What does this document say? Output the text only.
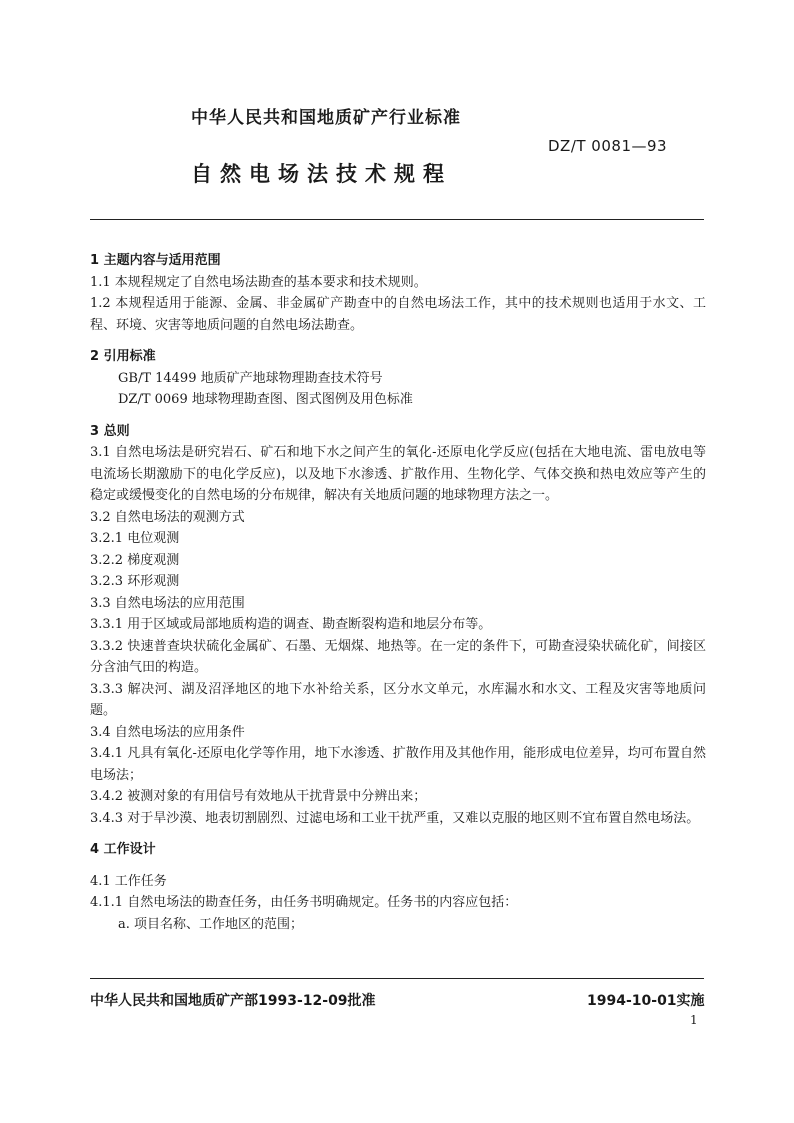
中华人民共和国地质矿产行业标准
DZ/T 0081—93
自然电场法技术规程
1 主题内容与适用范围
1.1 本规程规定了自然电场法勘查的基本要求和技术规则。
1.2 本规程适用于能源、金属、非金属矿产勘查中的自然电场法工作，其中的技术规则也适用于水文、工程、环境、灾害等地质问题的自然电场法勘查。
2 引用标准
GB/T 14499 地质矿产地球物理勘查技术符号
DZ/T 0069 地球物理勘查图、图式图例及用色标准
3 总则
3.1 自然电场法是研究岩石、矿石和地下水之间产生的氧化-还原电化学反应(包括在大地电流、雷电放电等电流场长期激励下的电化学反应)，以及地下水渗透、扩散作用、生物化学、气体交换和热电效应等产生的稳定或缓慢变化的自然电场的分布规律，解决有关地质问题的地球物理方法之一。
3.2 自然电场法的观测方式
3.2.1 电位观测
3.2.2 梯度观测
3.2.3 环形观测
3.3 自然电场法的应用范围
3.3.1 用于区域或局部地质构造的调查、勘查断裂构造和地层分布等。
3.3.2 快速普查块状硫化金属矿、石墨、无烟煤、地热等。在一定的条件下，可勘查浸染状硫化矿，间接区分含油气田的构造。
3.3.3 解决河、湖及沼泽地区的地下水补给关系，区分水文单元，水库漏水和水文、工程及灾害等地质问题。
3.4 自然电场法的应用条件
3.4.1 凡具有氧化-还原电化学等作用，地下水渗透、扩散作用及其他作用，能形成电位差异，均可布置自然电场法；
3.4.2 被测对象的有用信号有效地从干扰背景中分辨出来；
3.4.3 对于旱沙漠、地表切割剧烈、过滤电场和工业干扰严重，又难以克服的地区则不宜布置自然电场法。
4 工作设计
4.1 工作任务
4.1.1 自然电场法的勘查任务，由任务书明确规定。任务书的内容应包括：
a. 项目名称、工作地区的范围；
中华人民共和国地质矿产部1993-12-09批准	1994-10-01实施
1
